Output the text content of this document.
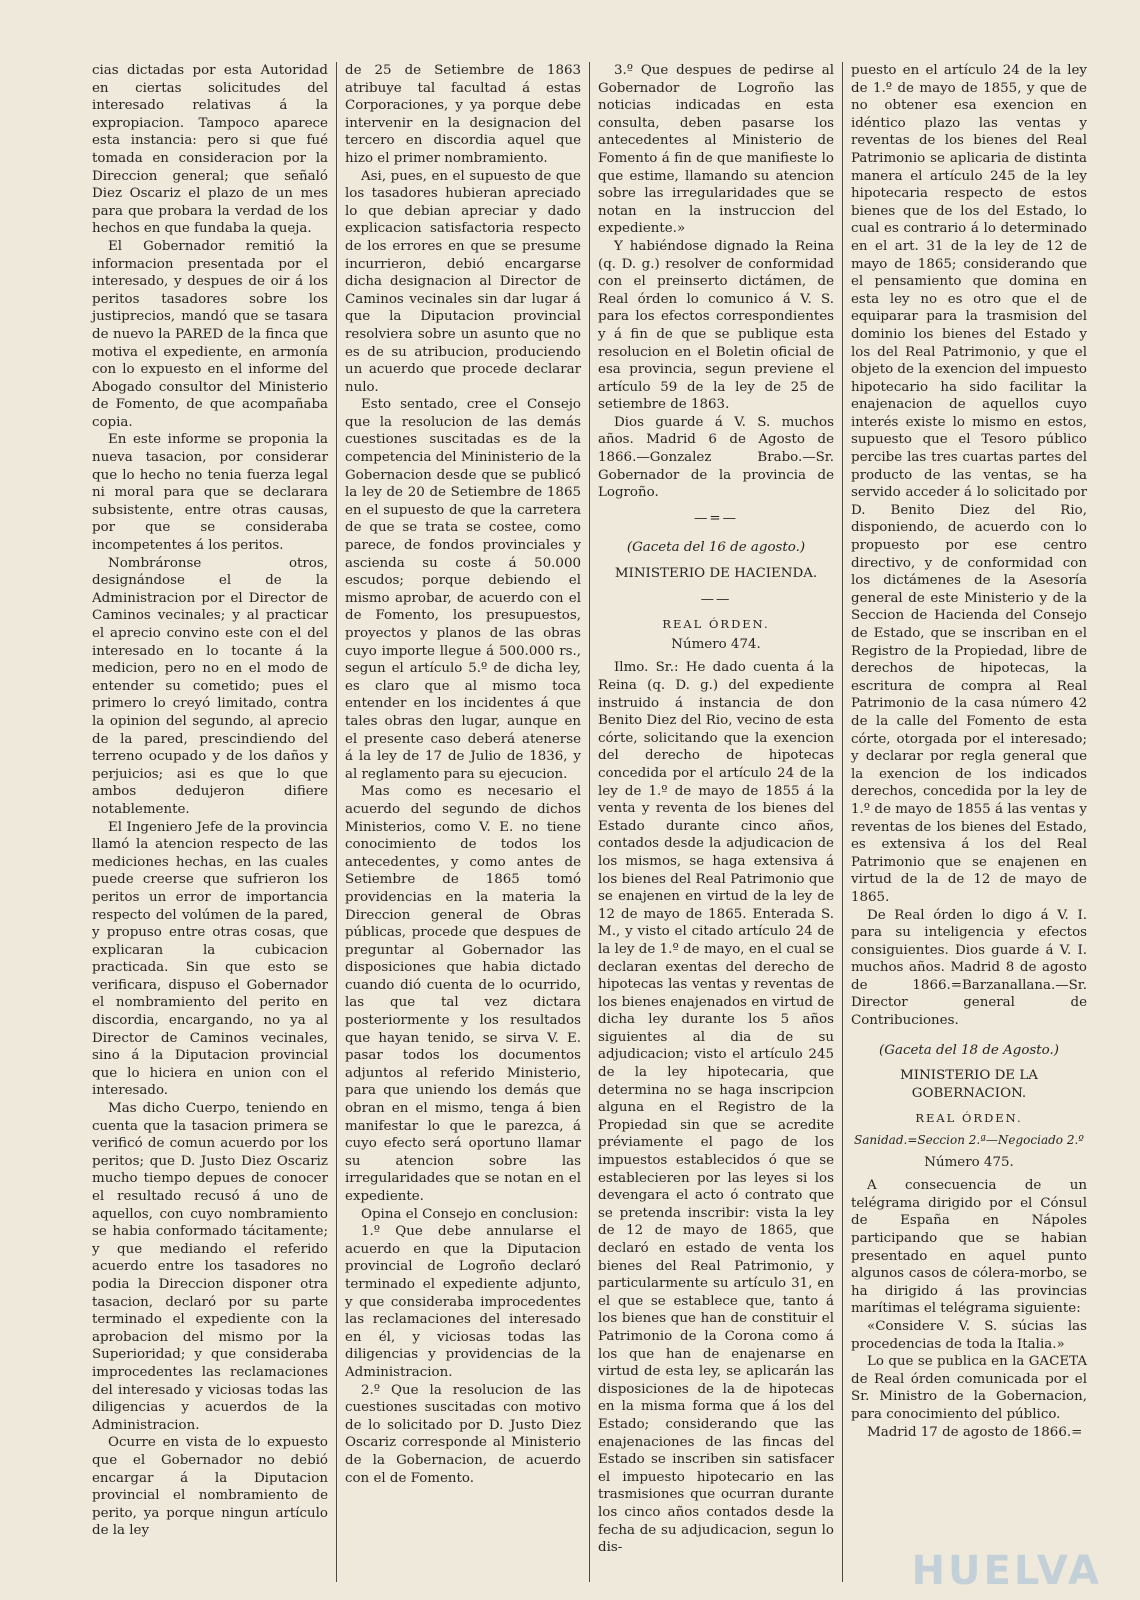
cias dictadas por esta Autoridad en ciertas solicitudes del interesado relativas á la expropiacion. Tampoco aparece esta instancia: pero si que fué tomada en consideracion por la Direccion general; que señaló Diez Oscariz el plazo de un mes para que probara la verdad de los hechos en que fundaba la queja.

El Gobernador remitió la informacion presentada por el interesado, y despues de oir á los peritos tasadores sobre los justiprecios, mandó que se tasara de nuevo la PARED de la finca que motiva el expediente, en armonía con lo expuesto en el informe del Abogado consultor del Ministerio de Fomento, de que acompañaba copia.

En este informe se proponia la nueva tasacion, por considerar que lo hecho no tenia fuerza legal ni moral para que se declarara subsistente, entre otras causas, por que se consideraba incompetentes á los peritos.

Nombráronse otros, designándose el de la Administracion por el Director de Caminos vecinales; y al practicar el aprecio convino este con el del interesado en lo tocante á la medicion, pero no en el modo de entender su cometido; pues el primero lo creyó limitado, contra la opinion del segundo, al aprecio de la pared, prescindiendo del terreno ocupado y de los daños y perjuicios; asi es que lo que ambos dedujeron difiere notablemente.

El Ingeniero Jefe de la provincia llamó la atencion respecto de las mediciones hechas, en las cuales puede creerse que sufrieron los peritos un error de importancia respecto del volúmen de la pared, y propuso entre otras cosas, que explicaran la cubicacion practicada. Sin que esto se verificara, dispuso el Gobernador el nombramiento del perito en discordia, encargando, no ya al Director de Caminos vecinales, sino á la Diputacion provincial que lo hiciera en union con el interesado.

Mas dicho Cuerpo, teniendo en cuenta que la tasacion primera se verificó de comun acuerdo por los peritos; que D. Justo Diez Oscariz mucho tiempo depues de conocer el resultado recusó á uno de aquellos, con cuyo nombramiento se habia conformado tácitamente; y que mediando el referido acuerdo entre los tasadores no podia la Direccion disponer otra tasacion, declaró por su parte terminado el expediente con la aprobacion del mismo por la Superioridad; y que consideraba improcedentes las reclamaciones del interesado y viciosas todas las diligencias y acuerdos de la Administracion.

Ocurre en vista de lo expuesto que el Gobernador no debió encargar á la Diputacion provincial el nombramiento de perito, ya porque ningun artículo de la ley

de 25 de Setiembre de 1863 atribuye tal facultad á estas Corporaciones, y ya porque debe intervenir en la designacion del tercero en discordia aquel que hizo el primer nombramiento.

Asi, pues, en el supuesto de que los tasadores hubieran apreciado lo que debian apreciar y dado explicacion satisfactoria respecto de los errores en que se presume incurrieron, debió encargarse dicha designacion al Director de Caminos vecinales sin dar lugar á que la Diputacion provincial resolviera sobre un asunto que no es de su atribucion, produciendo un acuerdo que procede declarar nulo.

Esto sentado, cree el Consejo que la resolucion de las demás cuestiones suscitadas es de la competencia del Mininisterio de la Gobernacion desde que se publicó la ley de 20 de Setiembre de 1865 en el supuesto de que la carretera de que se trata se costee, como parece, de fondos provinciales y ascienda su coste á 50.000 escudos; porque debiendo el mismo aprobar, de acuerdo con el de Fomento, los presupuestos, proyectos y planos de las obras cuyo importe llegue á 500.000 rs., segun el artículo 5.º de dicha ley, es claro que al mismo toca entender en los incidentes á que tales obras den lugar, aunque en el presente caso deberá atenerse á la ley de 17 de Julio de 1836, y al reglamento para su ejecucion.

Mas como es necesario el acuerdo del segundo de dichos Ministerios, como V. E. no tiene conocimiento de todos los antecedentes, y como antes de Setiembre de 1865 tomó providencias en la materia la Direccion general de Obras públicas, procede que despues de preguntar al Gobernador las disposiciones que habia dictado cuando dió cuenta de lo ocurrido, las que tal vez dictara posteriormente y los resultados que hayan tenido, se sirva V. E. pasar todos los documentos adjuntos al referido Ministerio, para que uniendo los demás que obran en el mismo, tenga á bien manifestar lo que le parezca, á cuyo efecto será oportuno llamar su atencion sobre las irregularidades que se notan en el expediente.

Opina el Consejo en conclusion:

1.º Que debe annularse el acuerdo en que la Diputacion provincial de Logroño declaró terminado el expediente adjunto, y que consideraba improcedentes las reclamaciones del interesado en él, y viciosas todas las diligencias y providencias de la Administracion.

2.º Que la resolucion de las cuestiones suscitadas con motivo de lo solicitado por D. Justo Diez Oscariz corresponde al Ministerio de la Gobernacion, de acuerdo con el de Fomento.

3.º Que despues de pedirse al Gobernador de Logroño las noticias indicadas en esta consulta, deben pasarse los antecedentes al Ministerio de Fomento á fin de que manifieste lo que estime, llamando su atencion sobre las irregularidades que se notan en la instruccion del expediente.»

Y habiéndose dignado la Reina (q. D. g.) resolver de conformidad con el preinserto dictámen, de Real órden lo comunico á V. S. para los efectos correspondientes y á fin de que se publique esta resolucion en el Boletin oficial de esa provincia, segun previene el artículo 59 de la ley de 25 de setiembre de 1863.

Dios guarde á V. S. muchos años. Madrid 6 de Agosto de 1866.—Gonzalez Brabo.—Sr. Gobernador de la provincia de Logroño.

—=—
(Gaceta del 16 de agosto.)
MINISTERIO DE HACIENDA.
——
REAL ÓRDEN.
Número 474.

Ilmo. Sr.: He dado cuenta á la Reina (q. D. g.) del expediente instruido á instancia de don Benito Diez del Rio, vecino de esta córte, solicitando que la exencion del derecho de hipotecas concedida por el artículo 24 de la ley de 1.º de mayo de 1855 á la venta y reventa de los bienes del Estado durante cinco años, contados desde la adjudicacion de los mismos, se haga extensiva á los bienes del Real Patrimonio que se enajenen en virtud de la ley de 12 de mayo de 1865. Enterada S. M., y visto el citado artículo 24 de la ley de 1.º de mayo, en el cual se declaran exentas del derecho de hipotecas las ventas y reventas de los bienes enajenados en virtud de dicha ley durante los 5 años siguientes al dia de su adjudicacion; visto el artículo 245 de la ley hipotecaria, que determina no se haga inscripcion alguna en el Registro de la Propiedad sin que se acredite préviamente el pago de los impuestos establecidos ó que se establecieren por las leyes si los devengara el acto ó contrato que se pretenda inscribir: vista la ley de 12 de mayo de 1865, que declaró en estado de venta los bienes del Real Patrimonio, y particularmente su artículo 31, en el que se establece que, tanto á los bienes que han de constituir el Patrimonio de la Corona como á los que han de enajenarse en virtud de esta ley, se aplicarán las disposiciones de la de hipotecas en la misma forma que á los del Estado; considerando que las enajenaciones de las fincas del Estado se inscriben sin satisfacer el impuesto hipotecario en las trasmisiones que ocurran durante los cinco años contados desde la fecha de su adjudicacion, segun lo dis-

puesto en el artículo 24 de la ley de 1.º de mayo de 1855, y que de no obtener esa exencion en idéntico plazo las ventas y reventas de los bienes del Real Patrimonio se aplicaria de distinta manera el artículo 245 de la ley hipotecaria respecto de estos bienes que de los del Estado, lo cual es contrario á lo determinado en el art. 31 de la ley de 12 de mayo de 1865; considerando que el pensamiento que domina en esta ley no es otro que el de equiparar para la trasmision del dominio los bienes del Estado y los del Real Patrimonio, y que el objeto de la exencion del impuesto hipotecario ha sido facilitar la enajenacion de aquellos cuyo interés existe lo mismo en estos, supuesto que el Tesoro público percibe las tres cuartas partes del producto de las ventas, se ha servido acceder á lo solicitado por D. Benito Diez del Rio, disponiendo, de acuerdo con lo propuesto por ese centro directivo, y de conformidad con los dictámenes de la Asesoría general de este Ministerio y de la Seccion de Hacienda del Consejo de Estado, que se inscriban en el Registro de la Propiedad, libre de derechos de hipotecas, la escritura de compra al Real Patrimonio de la casa número 42 de la calle del Fomento de esta córte, otorgada por el interesado; y declarar por regla general que la exencion de los indicados derechos, concedida por la ley de 1.º de mayo de 1855 á las ventas y reventas de los bienes del Estado, es extensiva á los del Real Patrimonio que se enajenen en virtud de la de 12 de mayo de 1865.

De Real órden lo digo á V. I. para su inteligencia y efectos consiguientes. Dios guarde á V. I. muchos años. Madrid 8 de agosto de 1866.=Barzanallana.—Sr. Director general de Contribuciones.

(Gaceta del 18 de Agosto.)
MINISTERIO DE LA GOBERNACION.
REAL ÓRDEN.
Sanidad.=Seccion 2.ª—Negociado 2.º
Número 475.

A consecuencia de un telégrama dirigido por el Cónsul de España en Nápoles participando que se habian presentado en aquel punto algunos casos de cólera-morbo, se ha dirigido á las provincias marítimas el telégrama siguiente:

«Considere V. S. súcias las procedencias de toda la Italia.»

Lo que se publica en la GACETA de Real órden comunicada por el Sr. Ministro de la Gobernacion, para conocimiento del público.

Madrid 17 de agosto de 1866.=

HUELVA
